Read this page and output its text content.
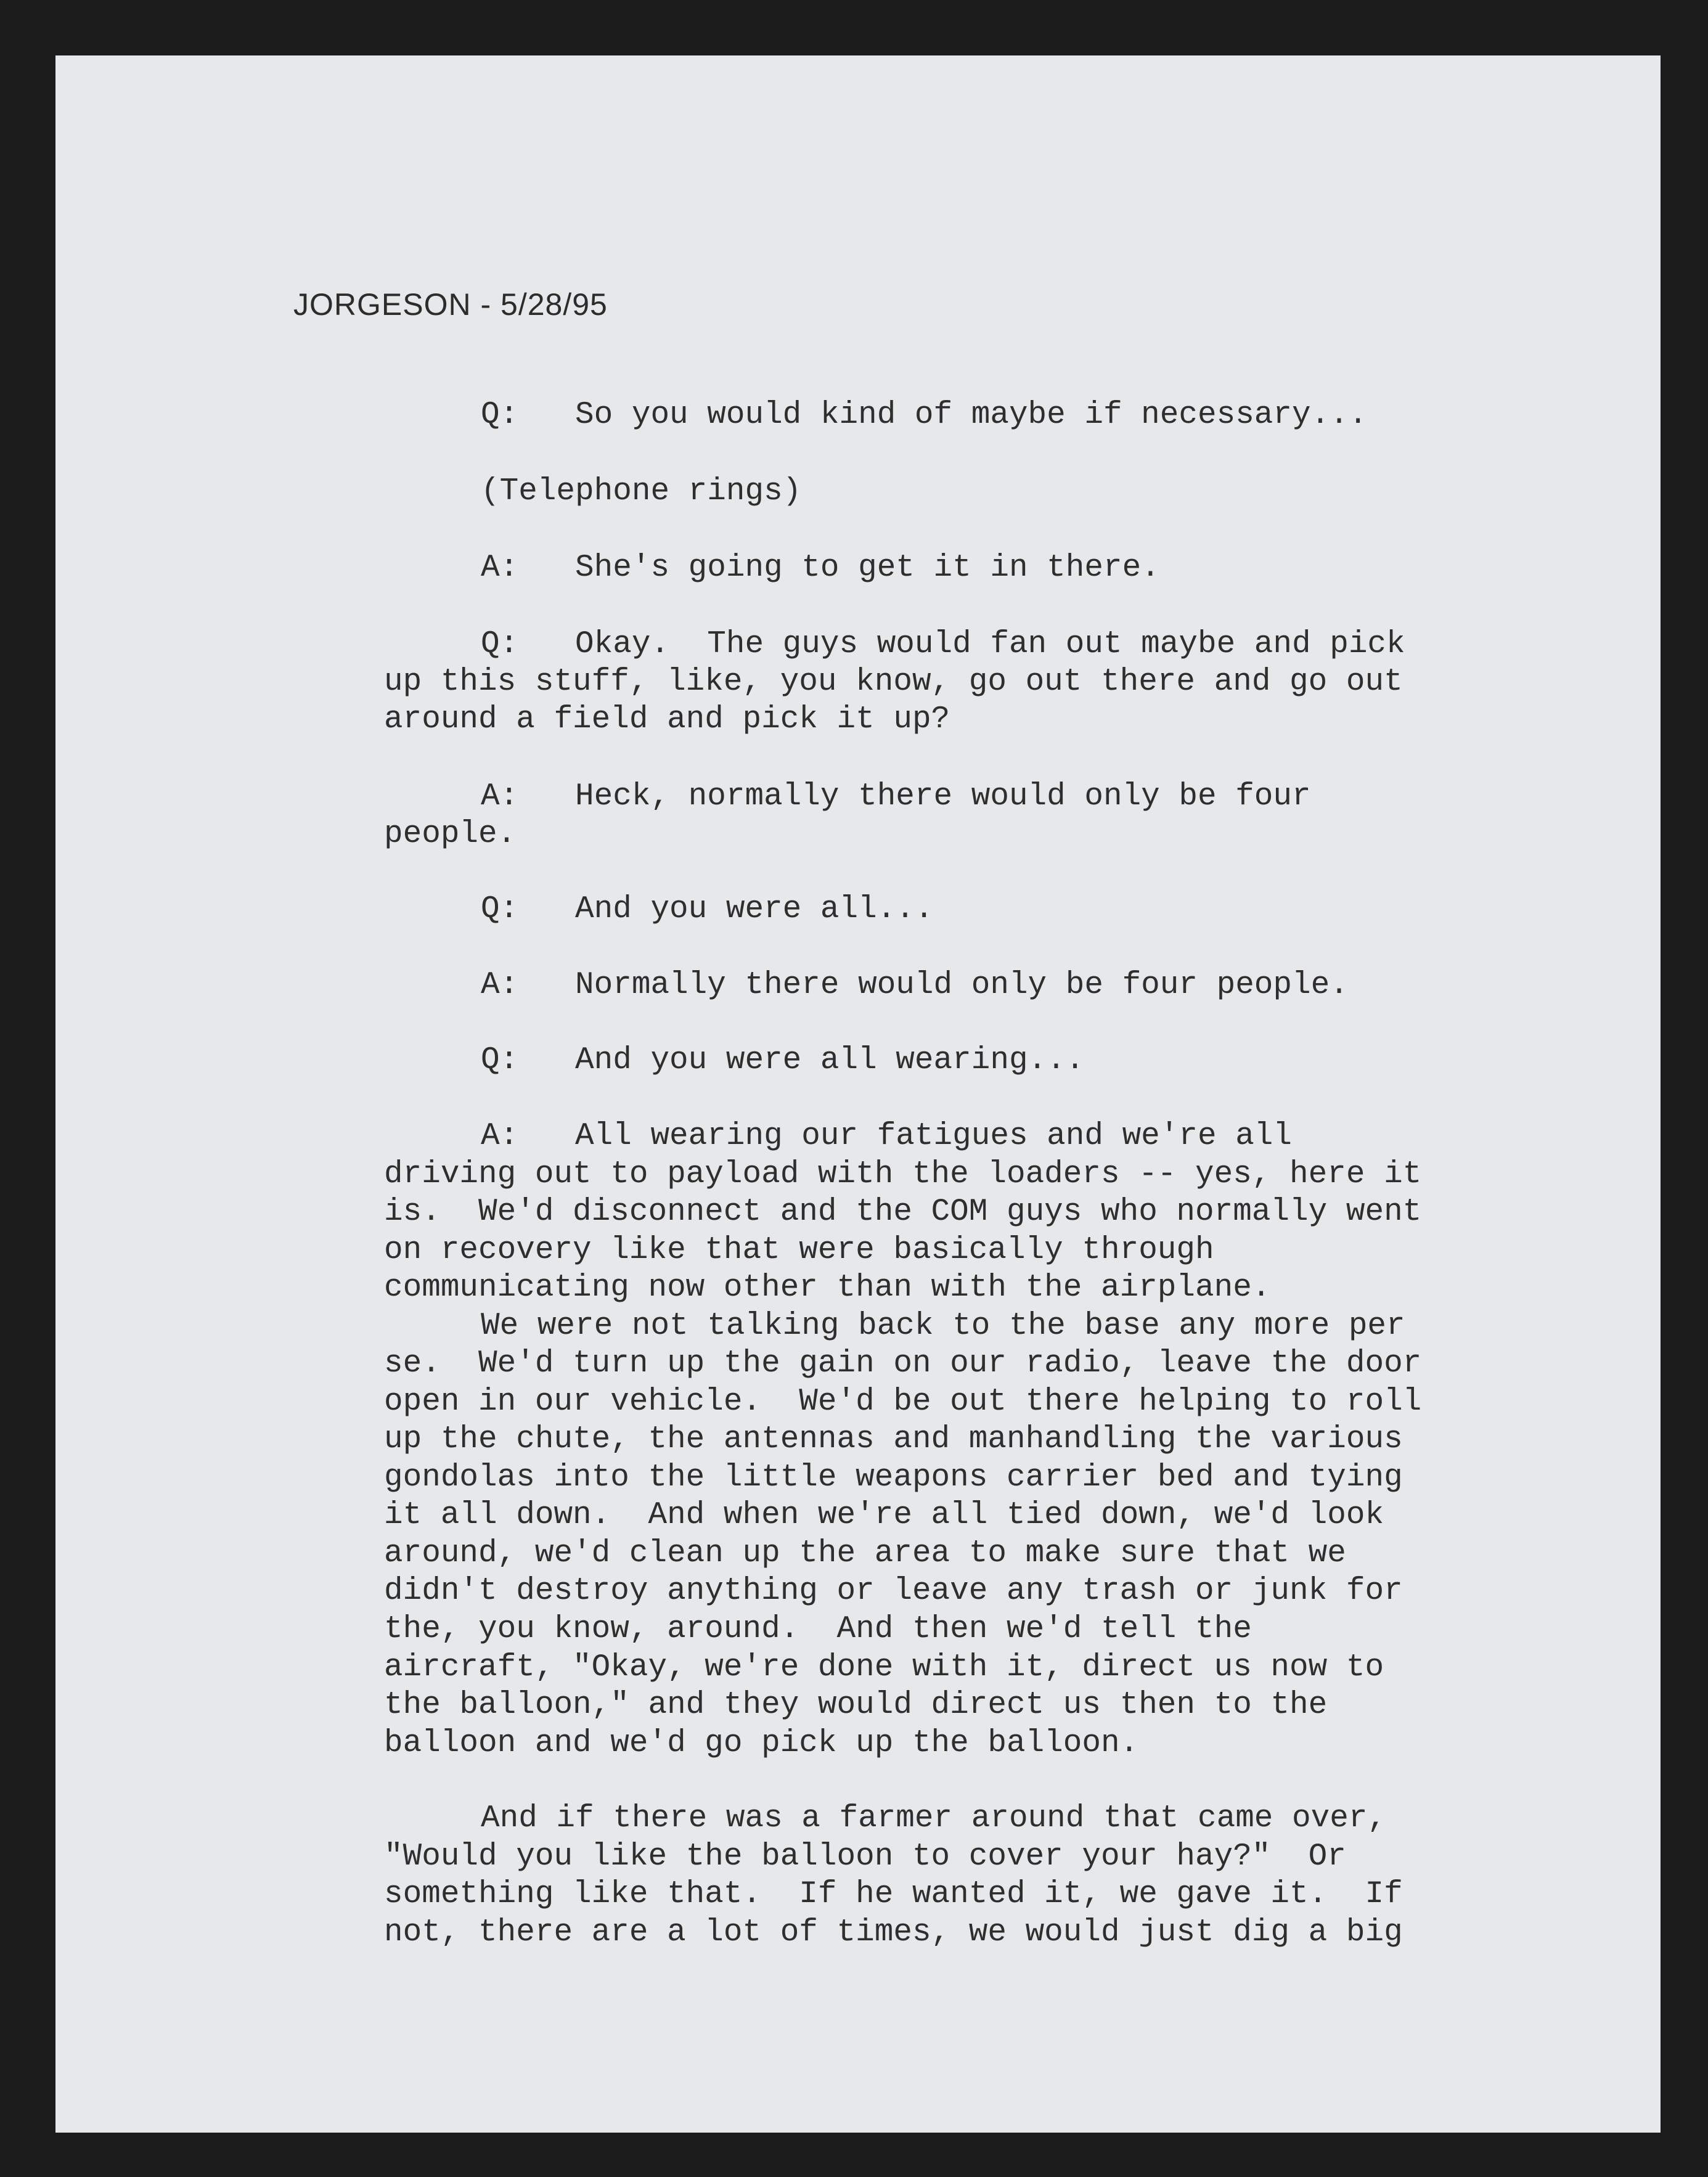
JORGESON - 5/28/95
Q:   So you would kind of maybe if necessary...
(Telephone rings)
A:   She's going to get it in there.
Q:   Okay.  The guys would fan out maybe and pick
up this stuff, like, you know, go out there and go out
around a field and pick it up?
A:   Heck, normally there would only be four
people.
Q:   And you were all...
A:   Normally there would only be four people.
Q:   And you were all wearing...
A:   All wearing our fatigues and we're all
driving out to payload with the loaders -- yes, here it
is.  We'd disconnect and the COM guys who normally went
on recovery like that were basically through
communicating now other than with the airplane.
We were not talking back to the base any more per
se.  We'd turn up the gain on our radio, leave the door
open in our vehicle.  We'd be out there helping to roll
up the chute, the antennas and manhandling the various
gondolas into the little weapons carrier bed and tying
it all down.  And when we're all tied down, we'd look
around, we'd clean up the area to make sure that we
didn't destroy anything or leave any trash or junk for
the, you know, around.  And then we'd tell the
aircraft, "Okay, we're done with it, direct us now to
the balloon," and they would direct us then to the
balloon and we'd go pick up the balloon.
And if there was a farmer around that came over,
"Would you like the balloon to cover your hay?"  Or
something like that.  If he wanted it, we gave it.  If
not, there are a lot of times, we would just dig a big
